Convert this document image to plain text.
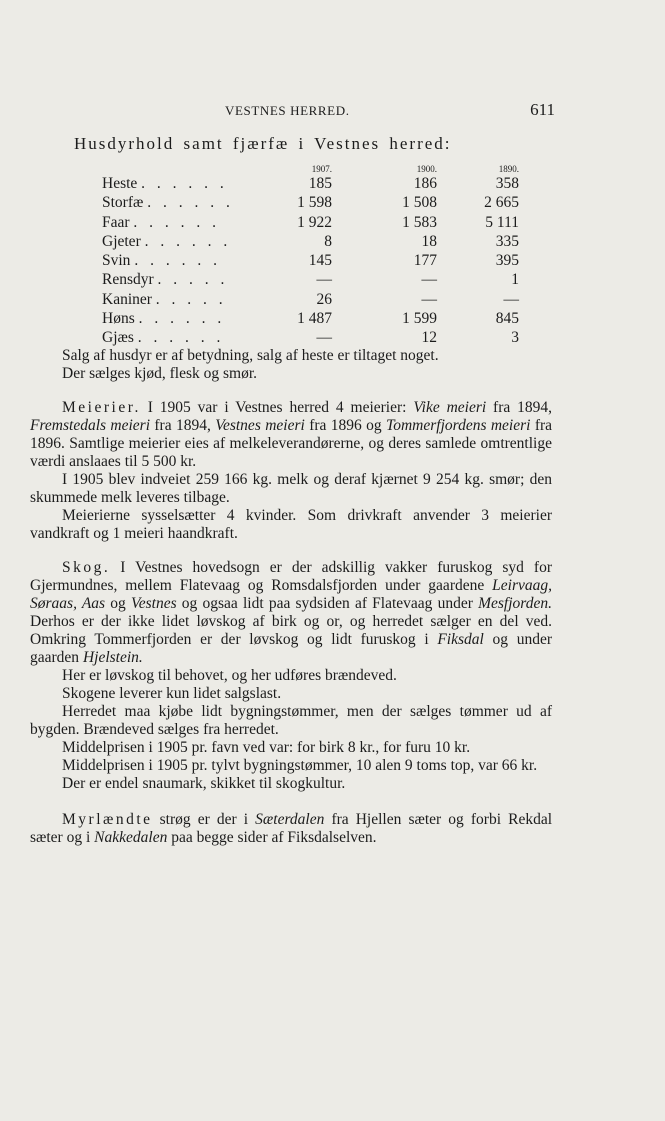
VESTNES HERRED.	611
Husdyrhold samt fjærfæ i Vestnes herred:
	1907.	1900.	1890.
Heste . . . . . .	185	186	358
Storfæ . . . . . .	1 598	1 508	2 665
Faar . . . . . .	1 922	1 583	5 111
Gjeter . . . . . .	8	18	335
Svin . . . . . .	145	177	395
Rensdyr . . . . .	—	—	1
Kaniner . . . . .	26	—	—
Høns . . . . . .	1 487	1 599	845
Gjæs . . . . . .	—	12	3

Salg af husdyr er af betydning, salg af heste er tiltaget noget.

Der sælges kjød, flesk og smør.

Meierier. I 1905 var i Vestnes herred 4 meierier: Vike meieri fra 1894, Fremstedals meieri fra 1894, Vestnes meieri fra 1896 og Tommerfjordens meieri fra 1896. Samtlige meierier eies af melkeleverandørerne, og deres samlede omtrentlige værdi anslaaes til 5 500 kr.

I 1905 blev indveiet 259 166 kg. melk og deraf kjærnet 9 254 kg. smør; den skummede melk leveres tilbage.

Meierierne sysselsætter 4 kvinder. Som drivkraft anvender 3 meierier vandkraft og 1 meieri haandkraft.

Skog. I Vestnes hovedsogn er der adskillig vakker furuskog syd for Gjermundnes, mellem Flatevaag og Romsdalsfjorden under gaardene Leirvaag, Søraas, Aas og Vestnes og ogsaa lidt paa sydsiden af Flatevaag under Mesfjorden. Derhos er der ikke lidet løvskog af birk og or, og herredet sælger en del ved. Omkring Tommerfjorden er der løvskog og lidt furuskog i Fiksdal og under gaarden Hjelstein.

Her er løvskog til behovet, og her udføres brændeved.

Skogene leverer kun lidet salgslast.

Herredet maa kjøbe lidt bygningstømmer, men der sælges tømmer ud af bygden. Brændeved sælges fra herredet.

Middelprisen i 1905 pr. favn ved var: for birk 8 kr., for furu 10 kr.

Middelprisen i 1905 pr. tylvt bygningstømmer, 10 alen 9 toms top, var 66 kr.

Der er endel snaumark, skikket til skogkultur.

Myrlændte strøg er der i Sæterdalen fra Hjellen sæter og forbi Rekdal sæter og i Nakkedalen paa begge sider af Fiksdalselven.
